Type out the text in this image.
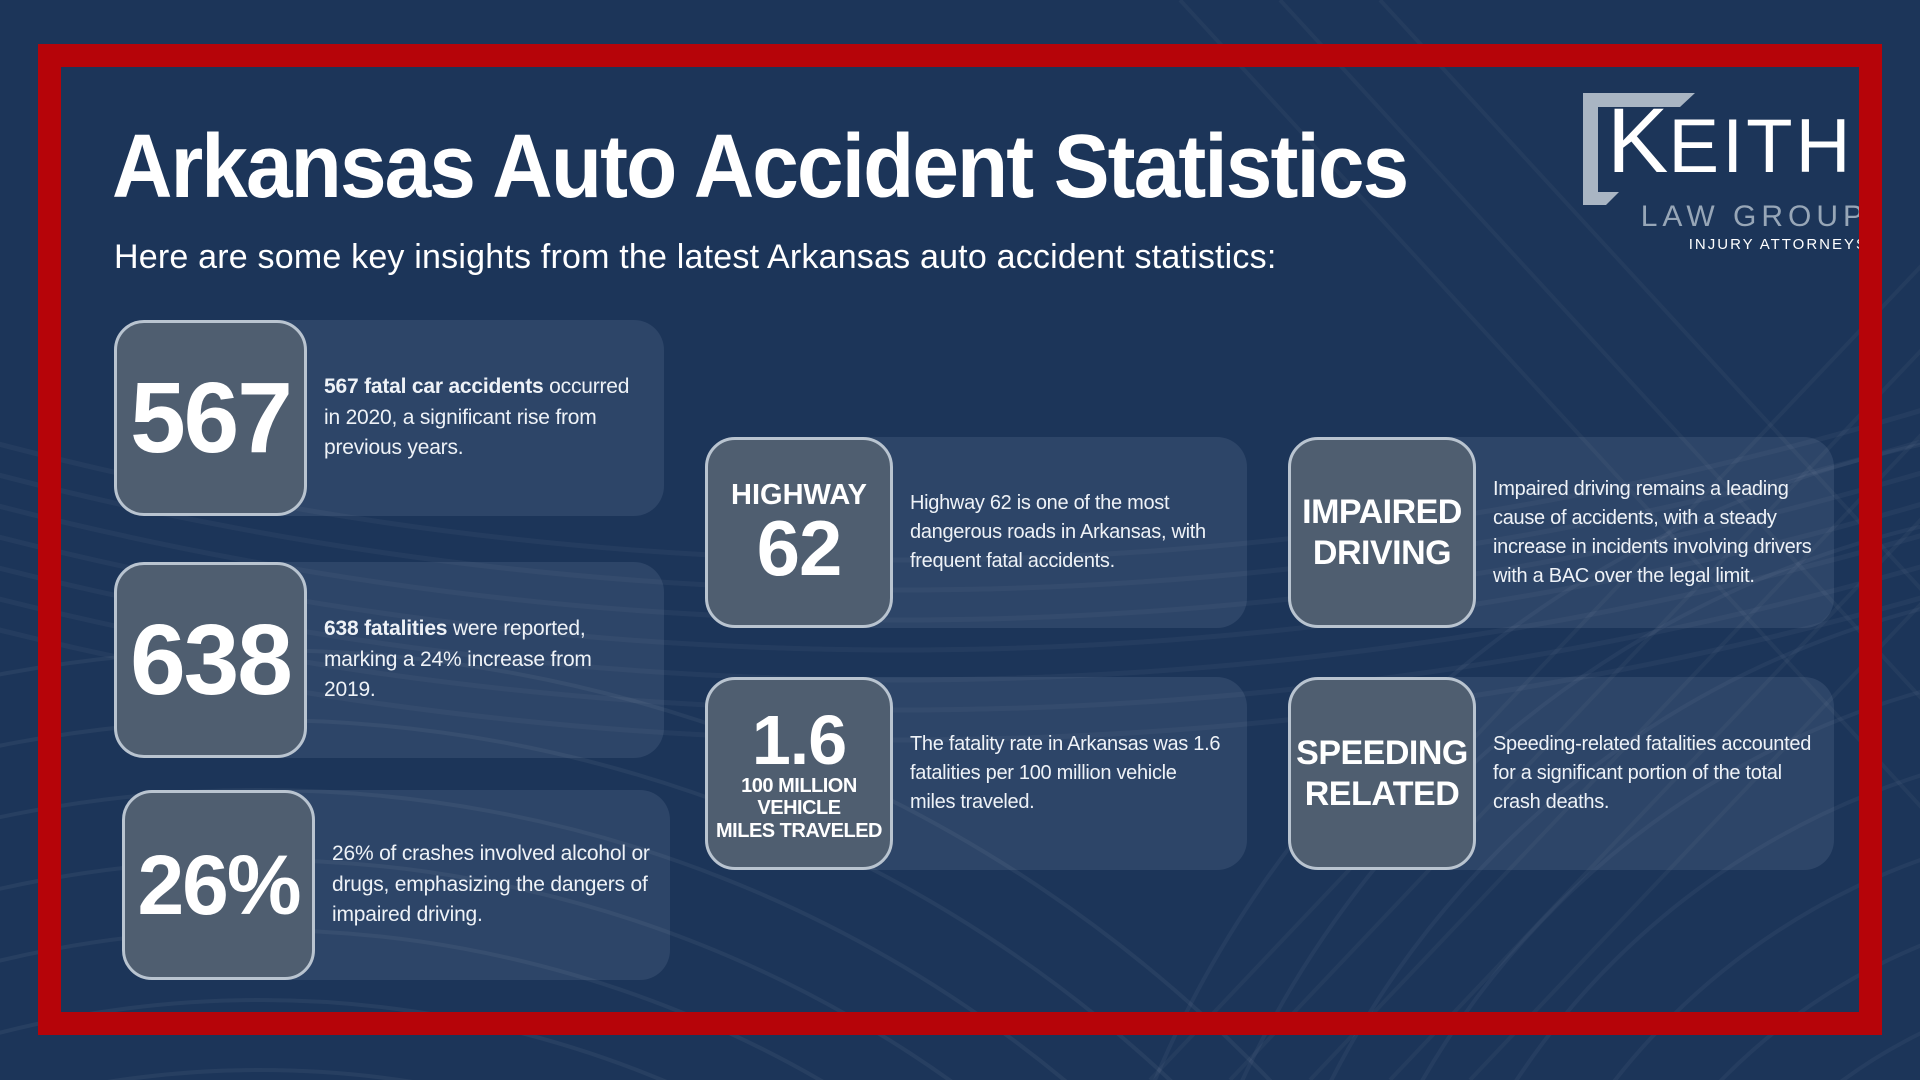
Arkansas Auto Accident Statistics

Here are some key insights from the latest Arkansas auto accident statistics:

K EITH
LAW GROUP
INJURY ATTORNEYS
567 567 fatal car accidents occurred in 2020, a significant rise from previous years.

638 638 fatalities were reported, marking a 24% increase from 2019.

26% 26% of crashes involved alcohol or drugs, emphasizing the dangers of impaired driving.

HIGHWAY
62

Highway 62 is one of the most dangerous roads in Arkansas, with frequent fatal accidents.

1.6
100 MILLION
VEHICLE
MILES TRAVELED

The fatality rate in Arkansas was 1.6 fatalities per 100 million vehicle miles traveled.

IMPAIRED
DRIVING

Impaired driving remains a leading cause of accidents, with a steady increase in incidents involving drivers with a BAC over the legal limit.

SPEEDING
RELATED

Speeding-related fatalities accounted for a significant portion of the total crash deaths.
